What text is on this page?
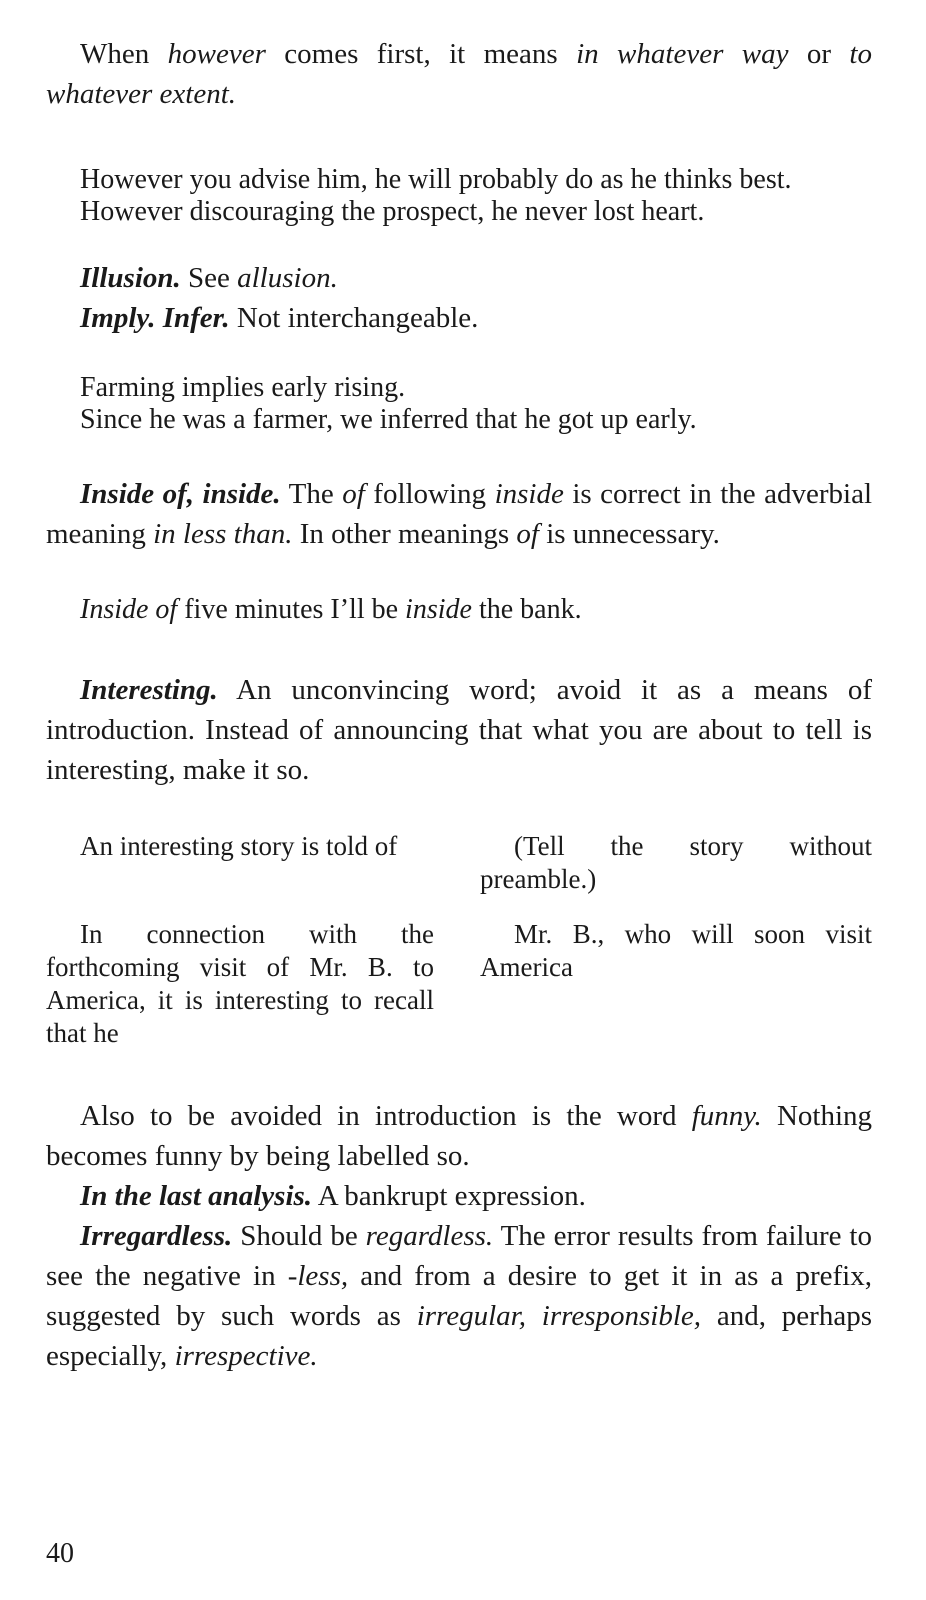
When however comes first, it means in whatever way or to whatever extent.

However you advise him, he will probably do as he thinks best.

However discouraging the prospect, he never lost heart.

Illusion. See allusion.

Imply. Infer. Not interchangeable.

Farming implies early rising.

Since he was a farmer, we inferred that he got up early.

Inside of, inside. The of following inside is correct in the adverbial meaning in less than. In other meanings of is unnecessary.

Inside of five minutes I’ll be inside the bank.

Interesting. An unconvincing word; avoid it as a means of introduction. Instead of announcing that what you are about to tell is interesting, make it so.

An interesting story is told of	(Tell the story without preamble.)

In connection with the forthcoming visit of Mr. B. to America, it is interesting to recall that he

Mr. B., who will soon visit America

Also to be avoided in introduction is the word funny. Nothing becomes funny by being labelled so.

In the last analysis. A bankrupt expression.

Irregardless. Should be regardless. The error results from failure to see the negative in -less, and from a desire to get it in as a prefix, suggested by such words as irregular, irresponsible, and, perhaps especially, irrespective.

40
